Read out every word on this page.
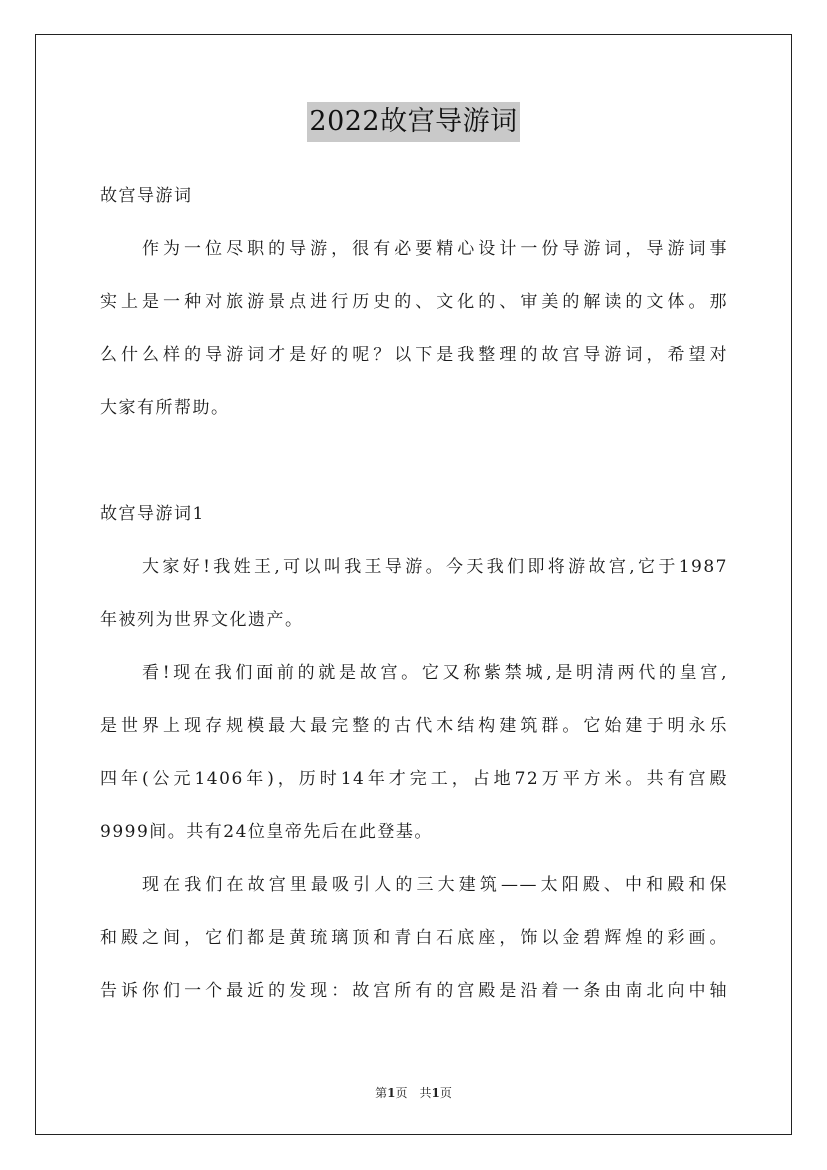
2022故宫导游词
故宫导游词
作为一位尽职的导游，很有必要精心设计一份导游词，导游词事
实上是一种对旅游景点进行历史的、文化的、审美的解读的文体。那
么什么样的导游词才是好的呢？以下是我整理的故宫导游词，希望对
大家有所帮助。
故宫导游词1
大家好!我姓王,可以叫我王导游。今天我们即将游故宫,它于1987
年被列为世界文化遗产。
看!现在我们面前的就是故宫。它又称紫禁城,是明清两代的皇宫,
是世界上现存规模最大最完整的古代木结构建筑群。它始建于明永乐
四年(公元1406年)，历时14年才完工，占地72万平方米。共有宫殿
9999间。共有24位皇帝先后在此登基。
现在我们在故宫里最吸引人的三大建筑——太阳殿、中和殿和保
和殿之间，它们都是黄琉璃顶和青白石底座，饰以金碧辉煌的彩画。
告诉你们一个最近的发现：故宫所有的宫殿是沿着一条由南北向中轴
第1页　共1页
